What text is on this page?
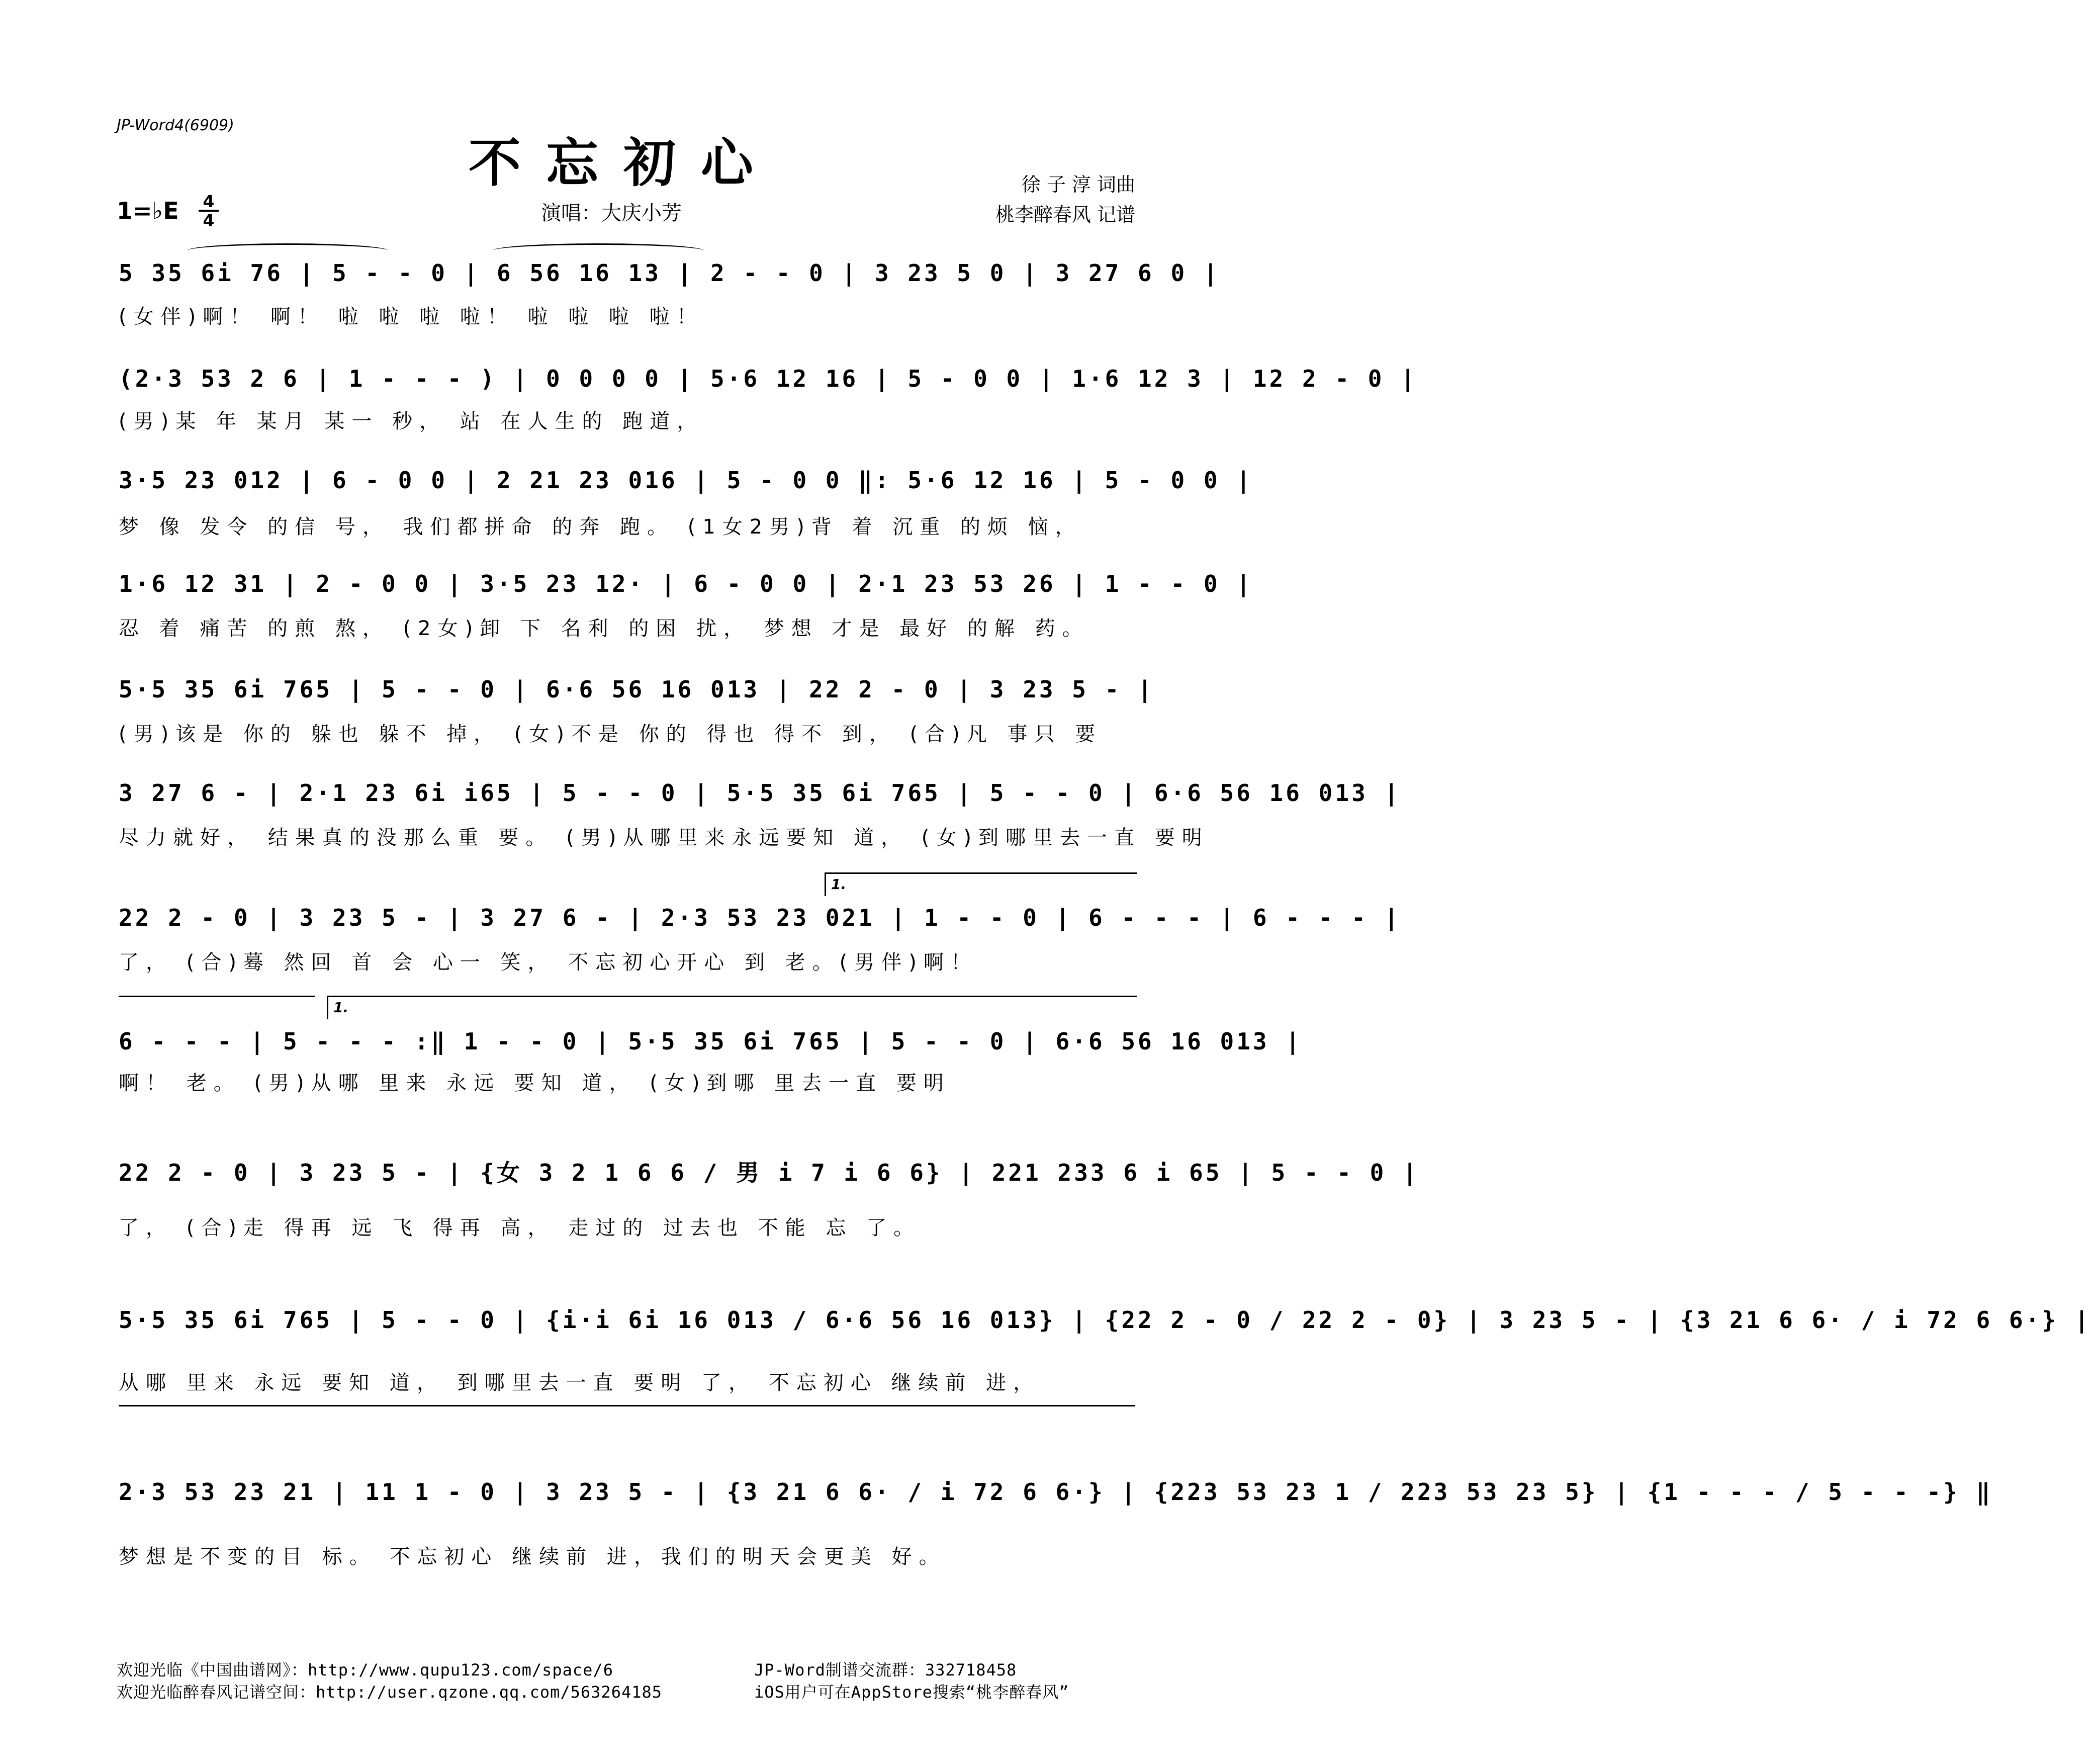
JP-Word4(6909)
不忘初心	徐 子 淳 词曲
桃李醉春风 记谱
演唱：大庆小芳
1=♭E $\frac{4}{4}$
1.
1.
5 35 6i 76 | 5 - - 0 | 6 56 16 13 | 2 - - 0 | 3 23 5 0 | 3 27 6 0 |
(女伴)啊！ 啊！ 啦 啦 啦 啦！ 啦 啦 啦 啦！
(2·3 53 2 6 | 1 - - - ) | 0 0 0 0 | 5·6 12 16 | 5 - 0 0 | 1·6 12 3 | 12 2 - 0 |
(男)某 年 某月 某一 秒， 站 在人生的 跑道，
3·5 23 012 | 6 - 0 0 | 2 21 23 016 | 5 - 0 0 ‖: 5·6 12 16 | 5 - 0 0 |
梦 像 发令 的信 号， 我们都拼命 的奔 跑。 (1女2男)背 着 沉重 的烦 恼，
1·6 12 31 | 2 - 0 0 | 3·5 23 12· | 6 - 0 0 | 2·1 23 53 26 | 1 - - 0 |
忍 着 痛苦 的煎 熬， (2女)卸 下 名利 的困 扰， 梦想 才是 最好 的解 药。
5·5 35 6i 765 | 5 - - 0 | 6·6 56 16 013 | 22 2 - 0 | 3 23 5 - |
(男)该是 你的 躲也 躲不 掉， (女)不是 你的 得也 得不 到， (合)凡 事只 要
3 27 6 - | 2·1 23 6i i65 | 5 - - 0 | 5·5 35 6i 765 | 5 - - 0 | 6·6 56 16 013 |
尽力就好， 结果真的没那么重 要。 (男)从哪里来永远要知 道， (女)到哪里去一直 要明
22 2 - 0 | 3 23 5 - | 3 27 6 - | 2·3 53 23 021 | 1 - - 0 | 6 - - - | 6 - - - |
了， (合)蓦 然回 首 会 心一 笑， 不忘初心开心 到 老。(男伴)啊！
6 - - - | 5 - - - :‖ 1 - - 0 | 5·5 35 6i 765 | 5 - - 0 | 6·6 56 16 013 |
啊！ 老。 (男)从哪 里来 永远 要知 道， (女)到哪 里去一直 要明
22 2 - 0 | 3 23 5 - | {女 3 2 1 6 6 / 男 i 7 i 6 6} | 221 233 6 i 65 | 5 - - 0 |
了， (合)走 得再 远 飞 得再 高， 走过的 过去也 不能 忘 了。
5·5 35 6i 765 | 5 - - 0 | {i·i 6i 16 013 / 6·6 56 16 013} | {22 2 - 0 / 22 2 - 0} | 3 23 5 - | {3 21 6 6· / i 72 6 6·} |
从哪 里来 永远 要知 道， 到哪里去一直 要明 了， 不忘初心 继续前 进，
2·3 53 23 21 | 11 1 - 0 | 3 23 5 - | {3 21 6 6· / i 72 6 6·} | {223 53 23 1 / 223 53 23 5} | {1 - - - / 5 - - -} ‖
梦想是不变的目 标。 不忘初心 继续前 进，我们的明天会更美 好。
欢迎光临《中国曲谱网》：http://www.qupu123.com/space/6
欢迎光临醉春风记谱空间：http://user.qzone.qq.com/563264185
JP-Word制谱交流群：332718458
iOS用户可在AppStore搜索“桃李醉春风”
